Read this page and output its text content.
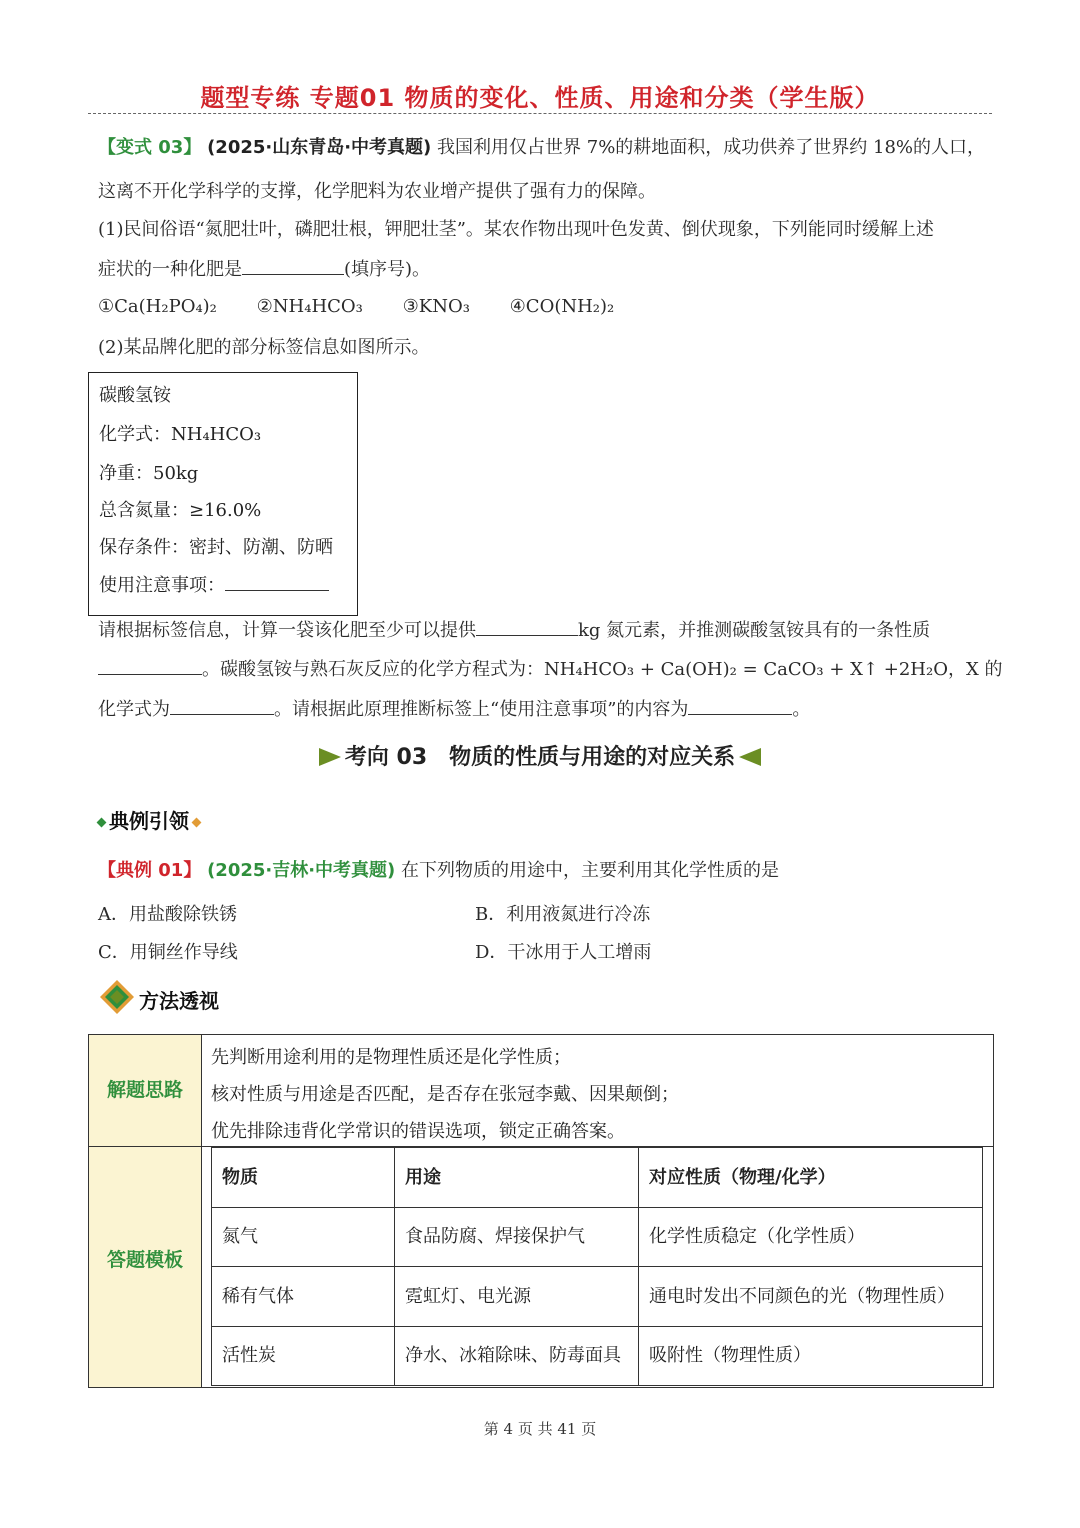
题型专练 专题01 物质的变化、性质、用途和分类（学生版）
【变式 03】 (2025·山东青岛·中考真题) 我国利用仅占世界 7%的耕地面积，成功供养了世界约 18%的人口，
这离不开化学科学的支撑，化学肥料为农业增产提供了强有力的保障。
(1)民间俗语“氮肥壮叶，磷肥壮根，钾肥壮茎”。某农作物出现叶色发黄、倒伏现象，下列能同时缓解上述
症状的一种化肥是	(填序号)。
①Ca(H₂PO₄)₂ ②NH₄HCO₃ ③KNO₃ ④CO(NH₂)₂
(2)某品牌化肥的部分标签信息如图所示。
碳酸氢铵
化学式：NH₄HCO₃
净重：50kg
总含氮量：≥16.0%
保存条件：密封、防潮、防晒
使用注意事项：
请根据标签信息，计算一袋该化肥至少可以提供	kg 氮元素，并推测碳酸氢铵具有的一条性质
。碳酸氢铵与熟石灰反应的化学方程式为：NH₄HCO₃ + Ca(OH)₂ = CaCO₃ + X↑ +2H₂O，X 的
化学式为	。请根据此原理推断标签上“使用注意事项”的内容为	。
考向 03　物质的性质与用途的对应关系
典例引领
【典例 01】 (2025·吉林·中考真题) 在下列物质的用途中，主要利用其化学性质的是
A．用盐酸除铁锈	B．利用液氮进行冷冻
C．用铜丝作导线	D．干冰用于人工增雨
方法透视
解题思路
先判断用途利用的是物理性质还是化学性质；
核对性质与用途是否匹配，是否存在张冠李戴、因果颠倒；
优先排除违背化学常识的错误选项，锁定正确答案。
答题模板
物质	用途	对应性质（物理/化学）
氮气	食品防腐、焊接保护气	化学性质稳定（化学性质）
稀有气体	霓虹灯、电光源	通电时发出不同颜色的光（物理性质）
活性炭	净水、冰箱除味、防毒面具	吸附性（物理性质）
第 4 页 共 41 页
